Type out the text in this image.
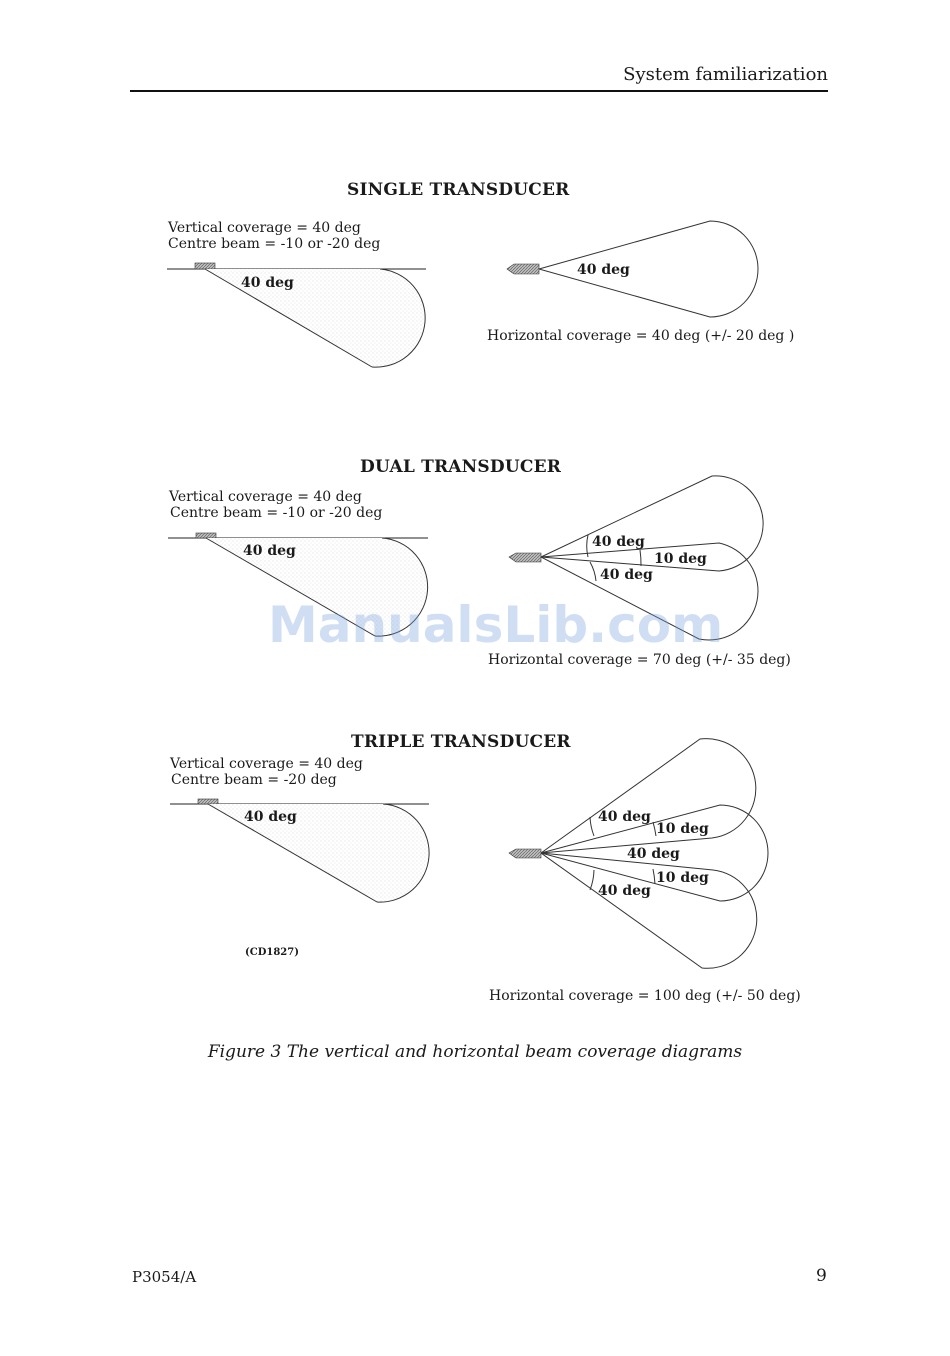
System familiarization
SINGLE TRANSDUCER
Vertical coverage = 40 deg
Centre beam = -10 or -20 deg
Horizontal coverage = 40 deg (+/- 20 deg )
DUAL TRANSDUCER
Vertical coverage = 40 deg
Centre beam = -10 or -20 deg
Horizontal coverage = 70 deg (+/- 35 deg)
TRIPLE TRANSDUCER
Vertical coverage = 40 deg
Centre beam = -20 deg
Horizontal coverage = 100 deg (+/- 50 deg)
(CD1827)
40 deg
40 deg
40 deg
40 deg
10 deg
40 deg
40 deg	40 deg
10 deg
40 deg
10 deg
40 deg
ManualsLib.com
Figure 3 The vertical and horizontal beam coverage diagrams
P3054/A	9
